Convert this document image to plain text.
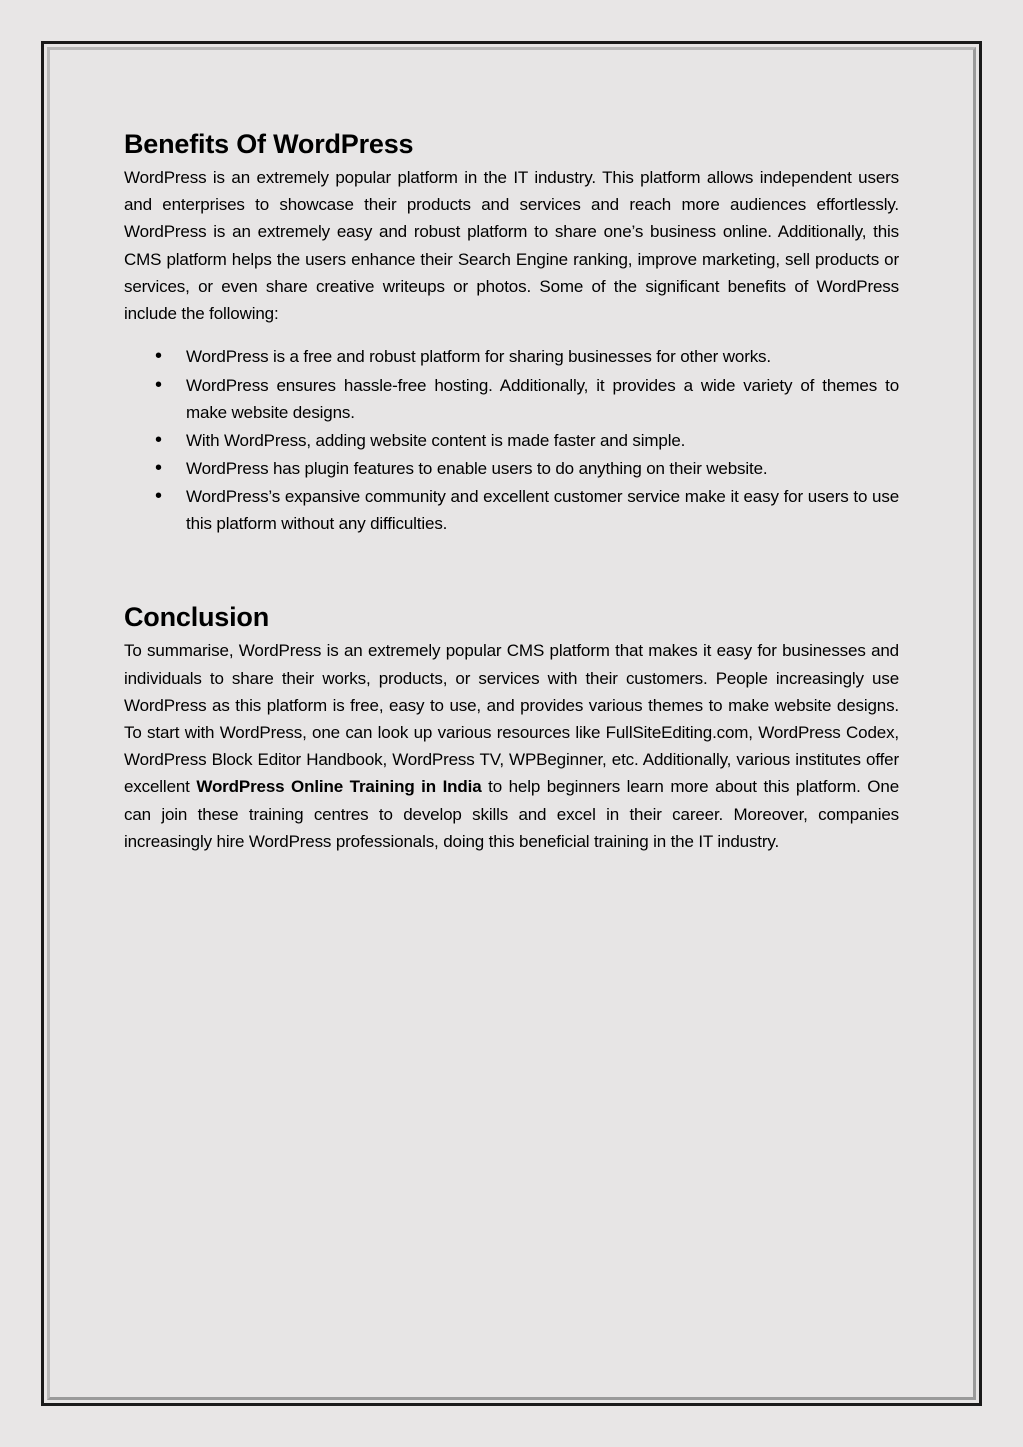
Benefits Of WordPress

WordPress is an extremely popular platform in the IT industry. This platform allows independent users and enterprises to showcase their products and services and reach more audiences effortlessly. WordPress is an extremely easy and robust platform to share one’s business online. Additionally, this CMS platform helps the users enhance their Search Engine ranking, improve marketing, sell products or services, or even share creative writeups or photos. Some of the significant benefits of WordPress include the following:

• WordPress is a free and robust platform for sharing businesses for other works.
• WordPress ensures hassle-free hosting. Additionally, it provides a wide variety of themes to make website designs.
• With WordPress, adding website content is made faster and simple.
• WordPress has plugin features to enable users to do anything on their website.
• WordPress’s expansive community and excellent customer service make it easy for users to use this platform without any difficulties.
Conclusion

To summarise, WordPress is an extremely popular CMS platform that makes it easy for businesses and individuals to share their works, products, or services with their customers. People increasingly use WordPress as this platform is free, easy to use, and provides various themes to make website designs. To start with WordPress, one can look up various resources like FullSiteEditing.com, WordPress Codex, WordPress Block Editor Handbook, WordPress TV, WPBeginner, etc. Additionally, various institutes offer excellent WordPress Online Training in India to help beginners learn more about this platform. One can join these training centres to develop skills and excel in their career. Moreover, companies increasingly hire WordPress professionals, doing this beneficial training in the IT industry.
